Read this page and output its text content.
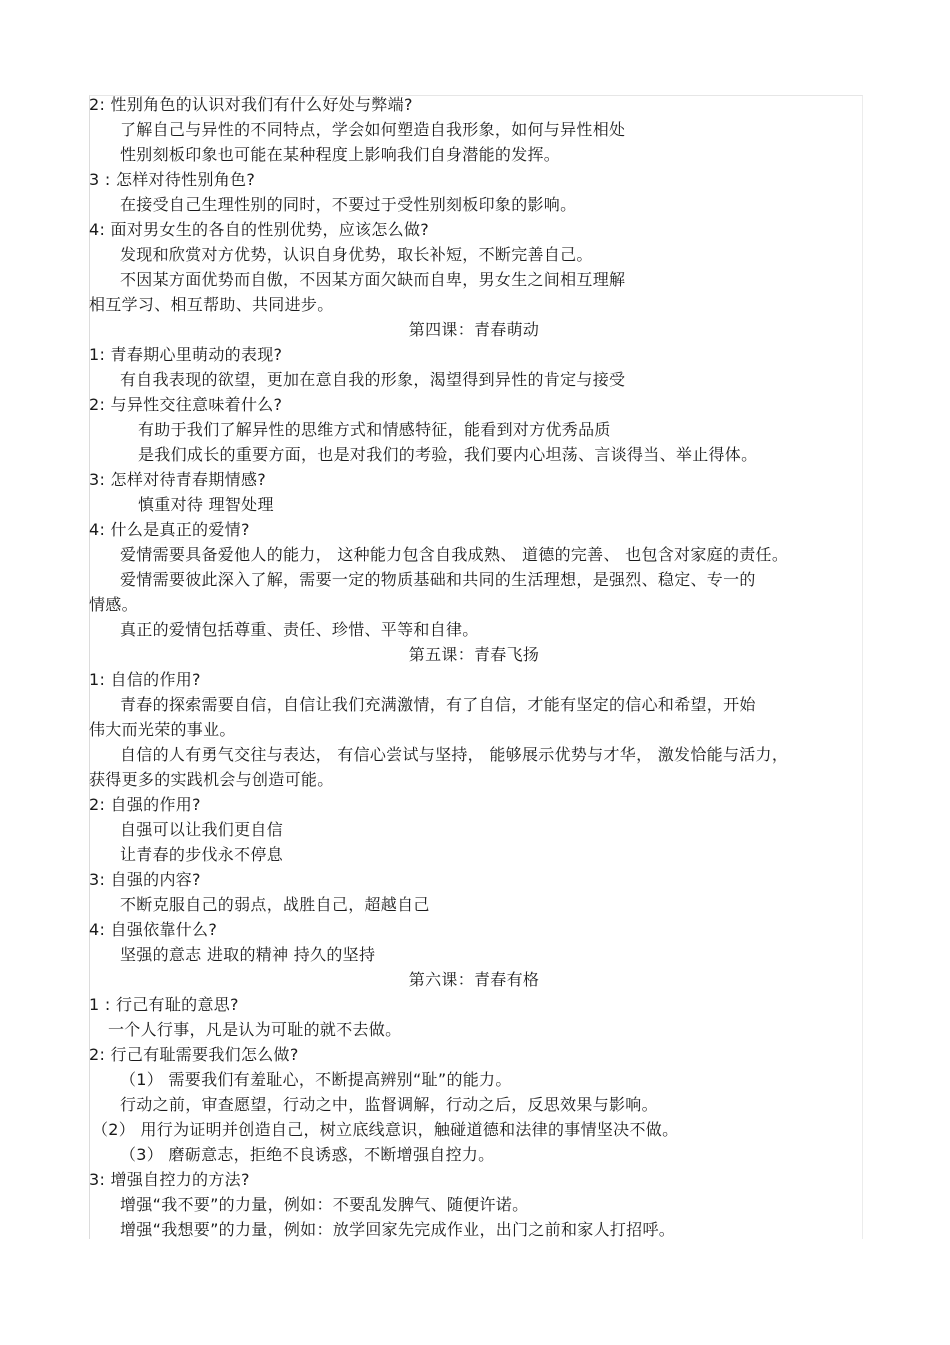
2: 性别角色的认识对我们有什么好处与弊端?
了解自己与异性的不同特点，学会如何塑造自我形象，如何与异性相处
性别刻板印象也可能在某种程度上影响我们自身潜能的发挥。
3 : 怎样对待性别角色?
在接受自己生理性别的同时，不要过于受性别刻板印象的影响。
4: 面对男女生的各自的性别优势，应该怎么做?
发现和欣赏对方优势，认识自身优势，取长补短，不断完善自己。
不因某方面优势而自傲，不因某方面欠缺而自卑，男女生之间相互理解
相互学习、相互帮助、共同进步。
第四课：青春萌动
1: 青春期心里萌动的表现?
有自我表现的欲望，更加在意自我的形象，渴望得到异性的肯定与接受
2: 与异性交往意味着什么?
有助于我们了解异性的思维方式和情感特征，能看到对方优秀品质
是我们成长的重要方面，也是对我们的考验，我们要内心坦荡、言谈得当、举止得体。
3: 怎样对待青春期情感?
慎重对待 理智处理
4: 什么是真正的爱情?
爱情需要具备爱他人的能力， 这种能力包含自我成熟、 道德的完善、 也包含对家庭的责任。
爱情需要彼此深入了解，需要一定的物质基础和共同的生活理想，是强烈、稳定、专一的
情感。
真正的爱情包括尊重、责任、珍惜、平等和自律。
第五课：青春飞扬
1: 自信的作用?
青春的探索需要自信，自信让我们充满激情，有了自信，才能有坚定的信心和希望，开始
伟大而光荣的事业。
自信的人有勇气交往与表达， 有信心尝试与坚持， 能够展示优势与才华， 激发恰能与活力，
获得更多的实践机会与创造可能。
2: 自强的作用?
自强可以让我们更自信
让青春的步伐永不停息
3: 自强的内容?
不断克服自己的弱点，战胜自己，超越自己
4: 自强依靠什么?
坚强的意志 进取的精神 持久的坚持
第六课：青春有格
1 : 行己有耻的意思?
一个人行事，凡是认为可耻的就不去做。
2: 行己有耻需要我们怎么做?
（1） 需要我们有羞耻心，不断提高辨别“耻”的能力。
行动之前，审查愿望，行动之中，监督调解，行动之后，反思效果与影响。
（2） 用行为证明并创造自己，树立底线意识，触碰道德和法律的事情坚决不做。
（3） 磨砺意志，拒绝不良诱惑，不断增强自控力。
3: 增强自控力的方法?
增强“我不要”的力量，例如：不要乱发脾气、随便许诺。
增强“我想要”的力量，例如：放学回家先完成作业，出门之前和家人打招呼。
